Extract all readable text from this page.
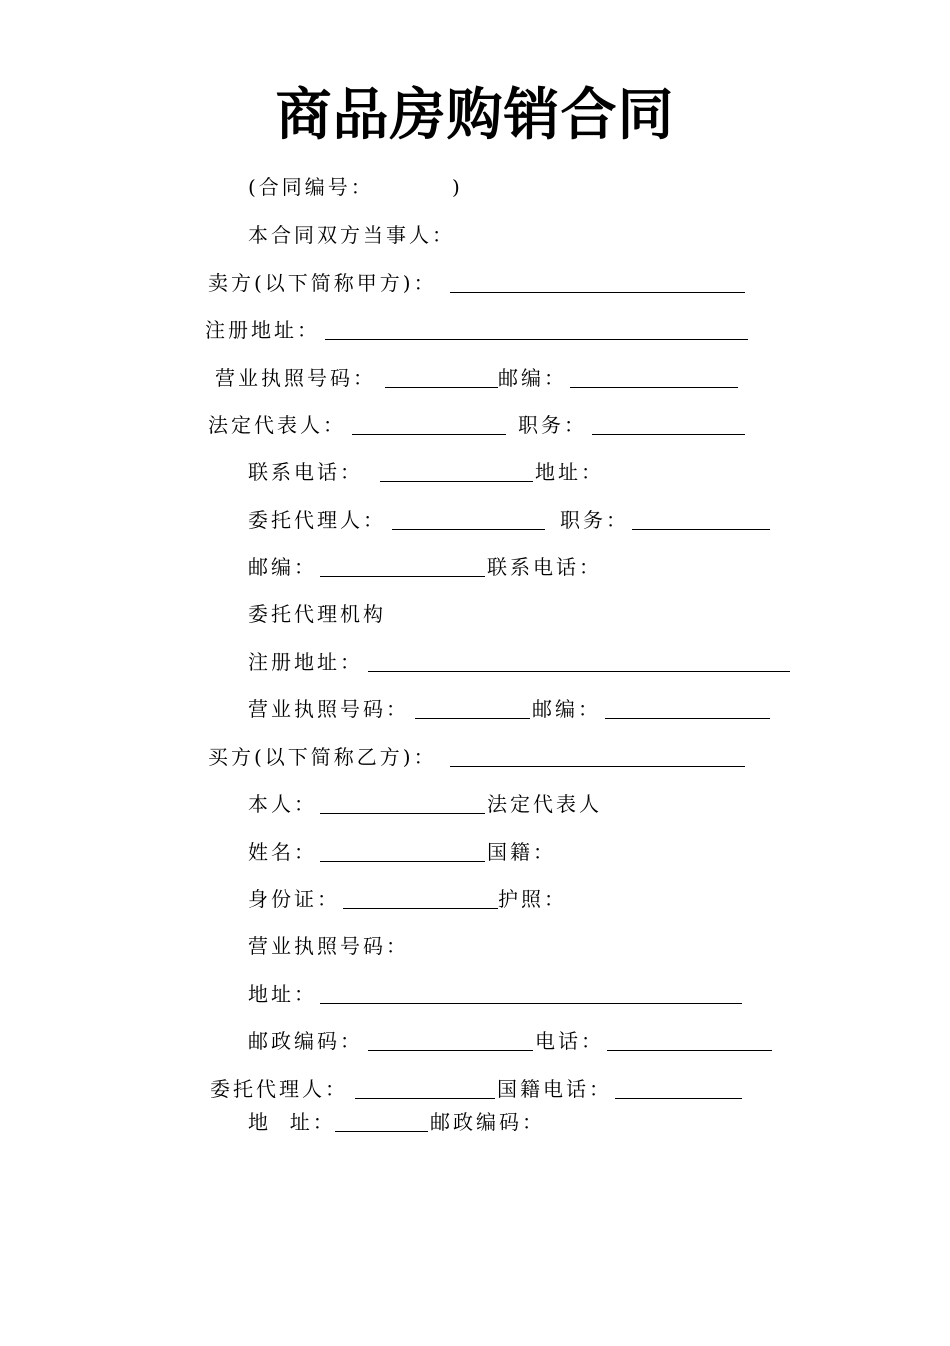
商品房购销合同
(合同编号：	)
本合同双方当事人：
卖方(以下简称甲方)：
注册地址：
营业执照号码：	邮编：
法定代表人：	职务：
联系电话：	地址：
委托代理人：	职务：
邮编：	联系电话：
委托代理机构
注册地址：
营业执照号码：	邮编：
买方(以下简称乙方)：
本人：	法定代表人
姓名：	国籍：
身份证：	护照：
营业执照号码：
地址：
邮政编码：	电话：
委托代理人：	国籍电话：
地  址：	邮政编码：
